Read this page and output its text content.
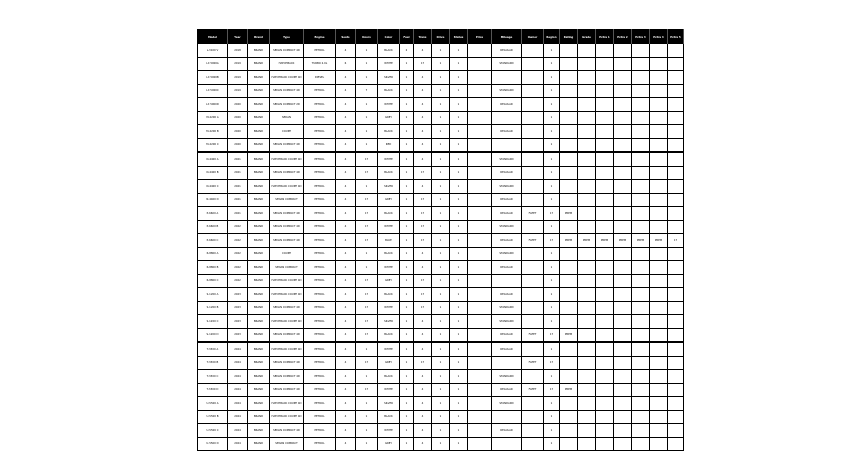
Model	Year	Brand	Type	Engine	Seats	Doors	Color	Fuel	Trans	Drive	Status	Price	Mileage	Owner	Region	Rating	Grade	Extra 1	Extra 2	Extra 3	Extra 4	Extra 5
L-3100 V	2018	BRAND	SEDAN COMPACT 4D	PETROL	4	1	BLACK	2	4	1	1		REGULAR		1							
LX 5000A	2019	BRAND	HATCHBACK	TURBO 2.0L	6	1	WHITE	1	17	1	1		STANDARD		1							
LX 5000B	2019	BRAND	HATCHBACK COUPE 4D	DIESEL	4	1	SILVER	1	4	1	1				1							
LX 5000C	2019	BRAND	SEDAN COMPACT 4D	PETROL	4	7	BLACK	1	4	1	1		STANDARD		1							
LX 5000D	2020	BRAND	SEDAN COMPACT 2D	PETROL	4	1	WHITE	1	4	1	1		REGULAR		1							
M-2200 A	2020	BRAND	SEDAN	PETROL	4	1	GREY	1	4	1	1				1							
M-2200 B	2020	BRAND	COUPE	PETROL	4	1	BLACK	1	4	1	1		REGULAR		1							
M-2200 C	2020	BRAND	SEDAN COMPACT 4D	PETROL	4	1	RED	1	4	1	1				1							
N-4400 A	2021	BRAND	HATCHBACK COUPE 4D	PETROL	4	17	WHITE	1	4	1	1		STANDARD		1							
N-4400 B	2021	BRAND	SEDAN COMPACT 4D	PETROL	4	17	BLACK	1	17	1	1		REGULAR		1							
N-4400 C	2021	BRAND	HATCHBACK COUPE 4D	PETROL	4	1	SILVER	1	4	1	1		STANDARD		1							
N-4400 D	2021	BRAND	SEDAN COMPACT	PETROL	4	17	GREY	1	17	1	1		REGULAR		1							
P-6600 A	2021	BRAND	SEDAN COMPACT 4D	PETROL	4	17	BLACK	1	17	1	1		REGULAR	FLEET	17	PREM						
P-6600 B	2022	BRAND	SEDAN COMPACT 4D	PETROL	4	17	WHITE	1	17	1	1		STANDARD		1							
P-6600 C	2022	BRAND	SEDAN COMPACT 4D	PETROL	4	17	BLUE	1	17	1	1		REGULAR	FLEET	17	PREM	PREM	PREM	PREM	PREM	PREM	17
R-8800 A	2022	BRAND	COUPE	PETROL	4	1	BLACK	1	4	1	1		STANDARD		1							
R-8800 B	2022	BRAND	SEDAN COMPACT	PETROL	4	1	WHITE	1	4	1	1		REGULAR		1							
R-8800 C	2022	BRAND	HATCHBACK COUPE 4D	PETROL	4	17	GREY	1	17	1	1				1							
S-1200 A	2023	BRAND	HATCHBACK COUPE 4D	PETROL	4	17	BLACK	1	17	1	1		REGULAR		1							
S-1200 B	2023	BRAND	SEDAN COMPACT 4D	PETROL	4	17	WHITE	1	17	1	1		STANDARD		1							
S-1200 C	2023	BRAND	HATCHBACK COUPE 4D	PETROL	4	17	SILVER	1	4	1	1		STANDARD		1							
S-1200 D	2023	BRAND	SEDAN COMPACT 4D	PETROL	4	17	BLACK	1	4	1	1		REGULAR	FLEET	17	PREM						
T-3300 A	2024	BRAND	HATCHBACK COUPE 4D	PETROL	4	1	WHITE	1	4	1	1		REGULAR		1							
T-3300 B	2024	BRAND	SEDAN COMPACT 4D	PETROL	4	17	GREY	1	17	1	1			FLEET	17							
T-3300 C	2024	BRAND	SEDAN COMPACT 4D	PETROL	4	1	BLACK	1	4	1	1		STANDARD		1							
T-3300 D	2024	BRAND	SEDAN COMPACT 4D	PETROL	4	17	WHITE	1	4	1	1		REGULAR	FLEET	17	PREM						
U-5500 A	2024	BRAND	HATCHBACK COUPE 4D	PETROL	4	1	SILVER	1	4	1	1		STANDARD		1							
U-5500 B	2024	BRAND	HATCHBACK COUPE 4D	PETROL	4	1	BLACK	1	4	1	1				1							
U-5500 C	2024	BRAND	SEDAN COMPACT 4D	PETROL	4	1	WHITE	1	4	1	1		REGULAR		1							
U-5500 D	2024	BRAND	SEDAN COMPACT	PETROL	4	1	GREY	1	4	1	1				1							
